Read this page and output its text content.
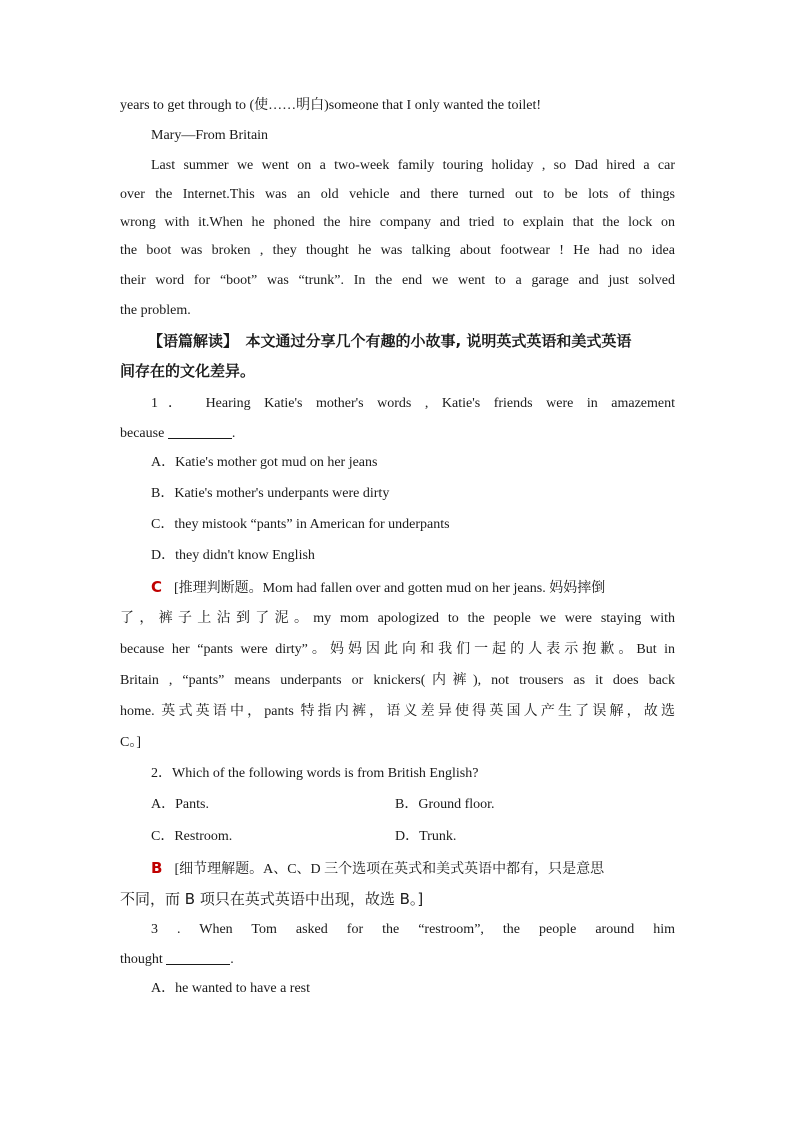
years to get through to (使……明白)someone that I only wanted the toilet!
Mary—From Britain
Last summer we went on a two-week family touring holiday , so Dad hired a car
over the Internet.This was an old vehicle and there turned out to be lots of things
wrong with it.When he phoned the hire company and tried to explain that the lock on
the boot was broken , they thought he was talking about footwear ! He had no idea
their word for “boot” was “trunk”. In the end we went to a garage and just solved
the problem.
【语篇解读】　本文通过分享几个有趣的小故事, 说明英式英语和美式英语
间存在的文化差异。
1． Hearing Katie's mother's words , Katie's friends were in amazement
because	.
A．Katie's mother got mud on her jeans
B．Katie's mother's underpants were dirty
C．they mistook “pants” in American for underpants
D．they didn't know English
C [推理判断题。Mom had fallen over and gotten mud on her jeans. 妈妈摔倒
了，裤子上沾到了泥。my mom apologized to the people we were staying with
because her “pants were dirty”。妈妈因此向和我们一起的人表示抱歉。But in
Britain , “pants” means underpants or knickers(内裤), not trousers as it does back
home. 英式英语中，pants 特指内裤，语义差异使得英国人产生了误解，故选
C。]
2．Which of the following words is from British English?
A．Pants.	B．Ground floor.
C．Restroom.	D．Trunk.
B [细节理解题。A、C、D 三个选项在英式和美式英语中都有，只是意思
不同，而 B 项只在英式英语中出现，故选 B。]
3 . When Tom asked for the “restroom”, the people around him
thought	.
A．he wanted to have a rest
